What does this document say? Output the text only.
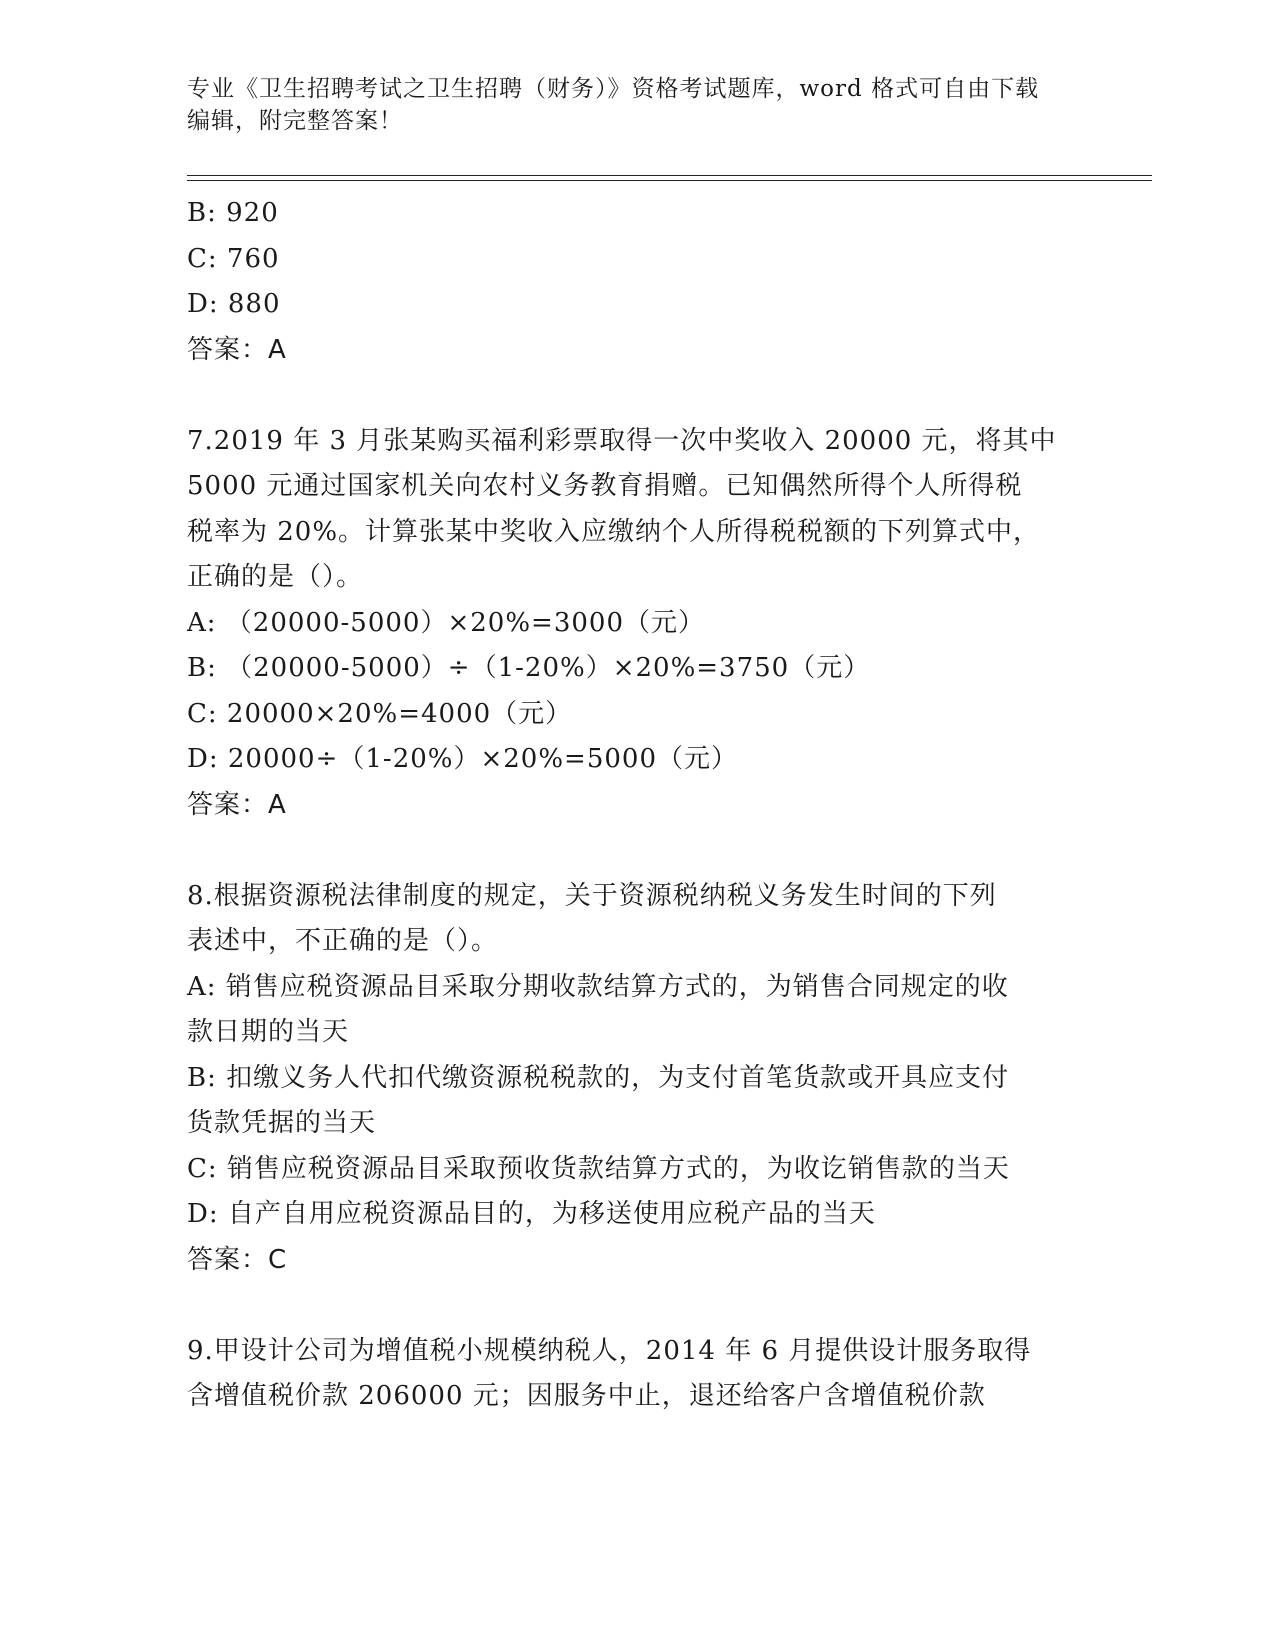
专业《卫生招聘考试之卫生招聘（财务）》资格考试题库，word 格式可自由下载
编辑，附完整答案！
B: 920
C: 760
D: 880
答案：A
7.2019 年 3 月张某购买福利彩票取得一次中奖收入 20000 元，将其中
5000 元通过国家机关向农村义务教育捐赠。已知偶然所得个人所得税
税率为 20%。计算张某中奖收入应缴纳个人所得税税额的下列算式中，
正确的是（）。
A: （20000-5000）×20%=3000（元）
B: （20000-5000）÷（1-20%）×20%=3750（元）
C: 20000×20%=4000（元）
D: 20000÷（1-20%）×20%=5000（元）
答案：A
8.根据资源税法律制度的规定，关于资源税纳税义务发生时间的下列
表述中，不正确的是（）。
A: 销售应税资源品目采取分期收款结算方式的，为销售合同规定的收
款日期的当天
B: 扣缴义务人代扣代缴资源税税款的，为支付首笔货款或开具应支付
货款凭据的当天
C: 销售应税资源品目采取预收货款结算方式的，为收讫销售款的当天
D: 自产自用应税资源品目的，为移送使用应税产品的当天
答案：C
9.甲设计公司为增值税小规模纳税人，2014 年 6 月提供设计服务取得
含增值税价款 206000 元；因服务中止，退还给客户含增值税价款
